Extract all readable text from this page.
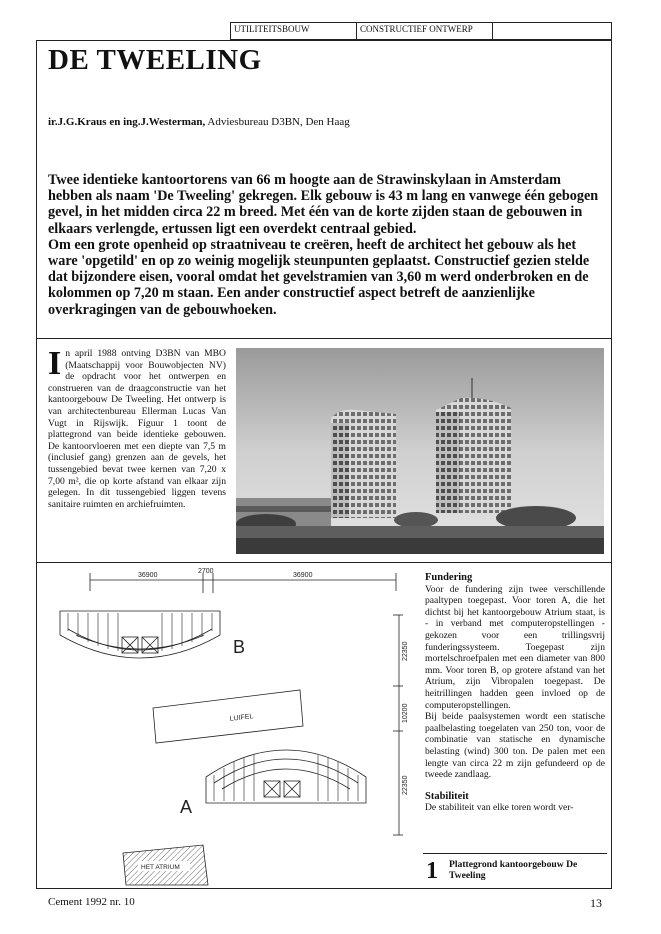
UTILITEITSBOUW	CONSTRUCTIEF ONTWERP
DE TWEELING
ir.J.G.Kraus en ing.J.Westerman, Adviesbureau D3BN, Den Haag

Twee identieke kantoortorens van 66 m hoogte aan de Strawinskylaan in Amsterdam hebben als naam 'De Tweeling' gekregen. Elk gebouw is 43 m lang en vanwege één gebogen gevel, in het midden circa 22 m breed. Met één van de korte zijden staan de gebouwen in elkaars verlengde, ertussen ligt een overdekt centraal gebied.

Om een grote openheid op straatniveau te creëren, heeft de architect het gebouw als het ware 'opgetild' en op zo weinig mogelijk steunpunten geplaatst. Constructief gezien stelde dat bijzondere eisen, vooral omdat het gevelstramien van 3,60 m werd onderbroken en de kolommen op 7,20 m staan. Een ander constructief aspect betreft de aanzienlijke overkragingen van de gebouwhoeken.

In april 1988 ontving D3BN van MBO (Maatschappij voor Bouwobjecten NV) de opdracht voor het ontwerpen en construeren van de draagconstructie van het kantoorgebouw De Tweeling. Het ontwerp is van architectenbureau Ellerman Lucas Van Vugt in Rijswijk. Figuur 1 toont de plattegrond van beide identieke gebouwen. De kantoorvloeren met een diepte van 7,5 m (inclusief gang) grenzen aan de gevels, het tussengebied bevat twee kernen van 7,20 x 7,00 m², die op korte afstand van elkaar zijn gelegen. In dit tussengebied liggen tevens sanitaire ruimten en archiefruimten.
36900
2700
36900
22350
10200
22350
B
LUIFEL
A
HET ATRIUM
Fundering

Voor de fundering zijn twee verschillende paaltypen toegepast. Voor toren A, die het dichtst bij het kantoorgebouw Atrium staat, is - in verband met computeropstellingen - gekozen voor een trillingsvrij funderingssysteem. Toegepast zijn mortelschroefpalen met een diameter van 800 mm. Voor toren B, op grotere afstand van het Atrium, zijn Vibropalen toegepast. De heitrillingen hadden geen invloed op de computeropstellingen.

Bij beide paalsystemen wordt een statische paalbelasting toegelaten van 250 ton, voor de combinatie van statische en dynamische belasting (wind) 300 ton. De palen met een lengte van circa 22 m zijn gefundeerd op de tweede zandlaag.

Stabiliteit

De stabiliteit van elke toren wordt ver-

1 Plattegrond kantoorgebouw De Tweeling
Cement 1992 nr. 10	13
